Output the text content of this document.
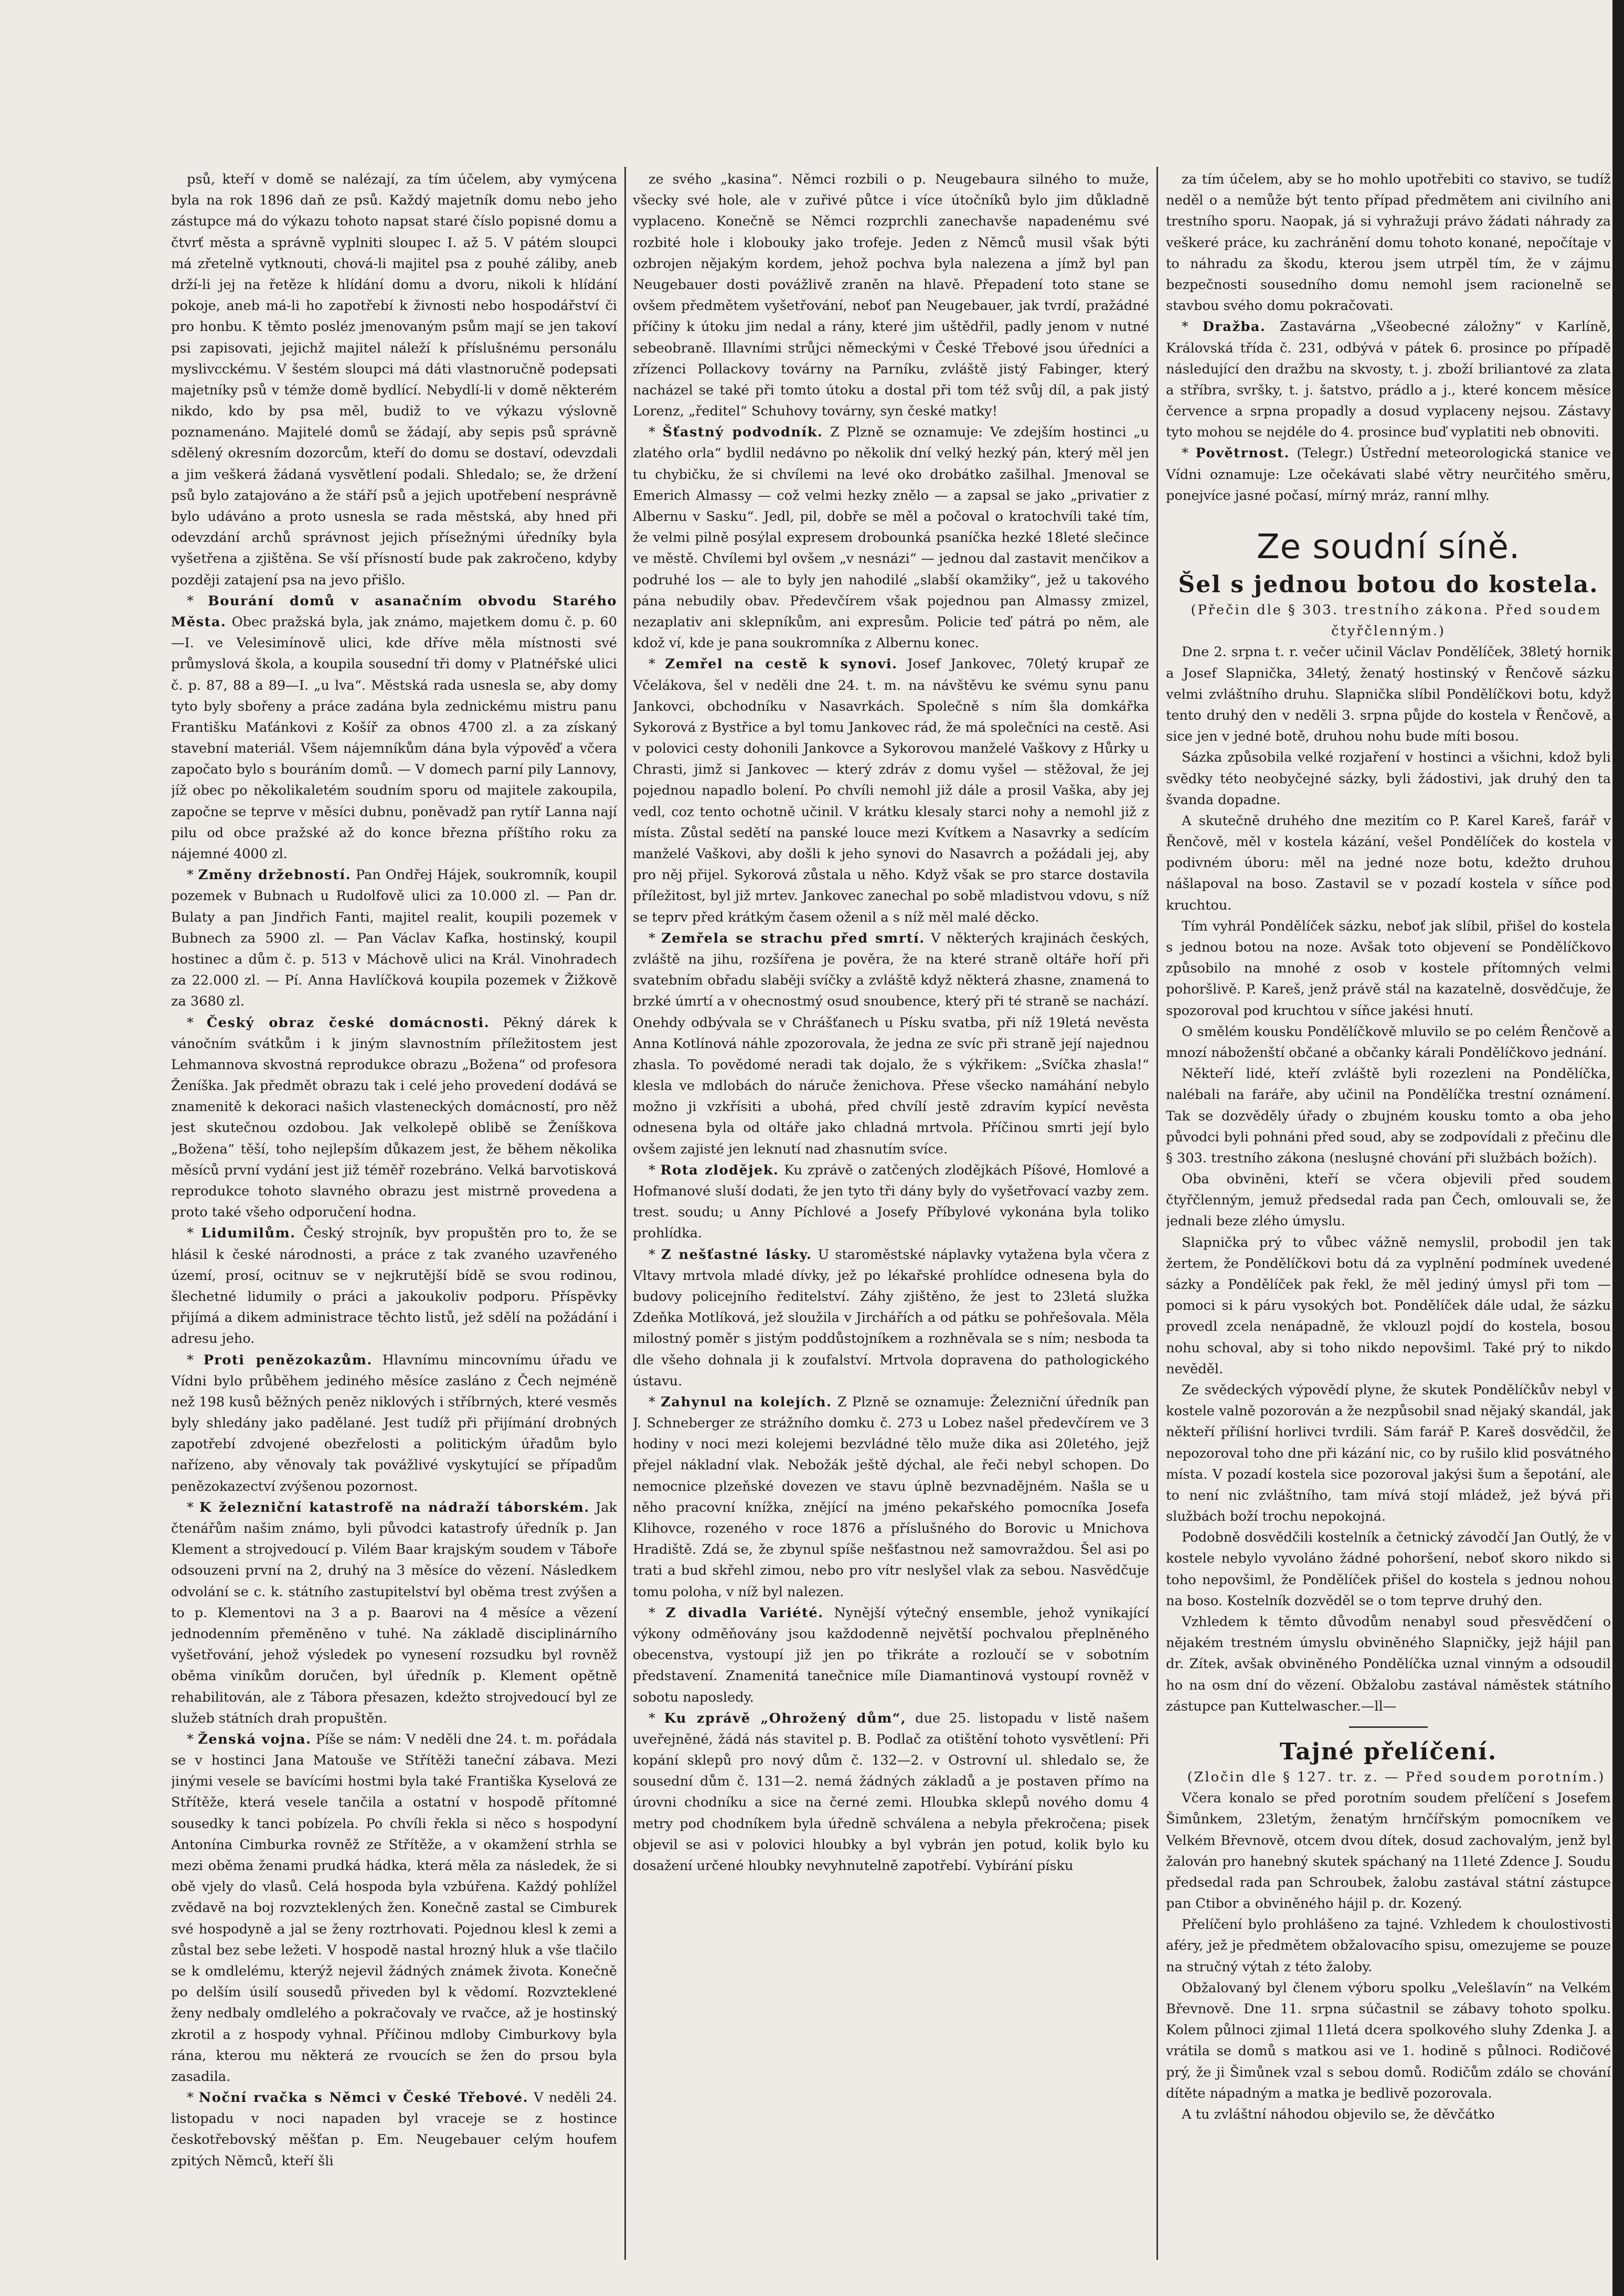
psů, kteří v domě se nalézají, za tím účelem, aby vymýcena byla na rok 1896 daň ze psů. Každý majetník domu nebo jeho zástupce má do výkazu tohoto napsat staré číslo popisné domu a čtvrť města a správně vyplniti sloupec I. až 5. V pátém sloupci má zřetelně vytknouti, chová-li majitel psa z pouhé záliby, aneb drží-li jej na řetěze k hlídání domu a dvoru, nikoli k hlídání pokoje, aneb má-li ho zapotřebí k živnosti nebo hospodářství či pro honbu. K těmto posléz jmenovaným psům mají se jen takoví psi zapisovati, jejichž majitel náleží k příslušnému personálu myslivcckému. V šestém sloupci má dáti vlastnoručně podepsati majetníky psů v témže domě bydlící. Nebydlí-li v domě některém nikdo, kdo by psa měl, budiž to ve výkazu výslovně poznamenáno. Majitelé domů se žádají, aby sepis psů správně sdělený okresním dozorcům, kteří do domu se dostaví, odevzdali a jim veškerá žádaná vysvětlení podali. Shledalo; se, že držení psů bylo zatajováno a že stáří psů a jejich upotřebení nesprávně bylo udáváno a proto usnesla se rada městská, aby hned při odevzdání archů správnost jejich přísežnými úředníky byla vyšetřena a zjištěna. Se vší přísností bude pak zakročeno, kdyby později zatajení psa na jevo přišlo.

* Bourání domů v asanačním obvodu Starého Města. Obec pražská byla, jak známo, majetkem domu č. p. 60—I. ve Velesimínově ulici, kde dříve měla místnosti své průmyslová škola, a koupila sousední tři domy v Platnéřské ulici č. p. 87, 88 a 89—I. „u lva“. Městská rada usnesla se, aby domy tyto byly sbořeny a práce zadána byla zednickému mistru panu Františku Maťánkovi z Košíř za obnos 4700 zl. a za získaný stavební materiál. Všem nájemníkům dána byla výpověď a včera započato bylo s bouráním domů. — V domech parní pily Lannovy, jíž obec po několikaletém soudním sporu od majitele zakoupila, započne se teprve v měsíci dubnu, poněvadž pan rytíř Lanna nají pilu od obce pražské až do konce března příštího roku za nájemné 4000 zl.

* Změny držebností. Pan Ondřej Hájek, soukromník, koupil pozemek v Bubnach u Rudolfově ulici za 10.000 zl. — Pan dr. Bulaty a pan Jindřich Fanti, majitel realit, koupili pozemek v Bubnech za 5900 zl. — Pan Václav Kafka, hostinský, koupil hostinec a dům č. p. 513 v Máchově ulici na Král. Vinohradech za 22.000 zl. — Pí. Anna Havlíčková koupila pozemek v Žižkově za 3680 zl.

* Český obraz české domácnosti. Pěkný dárek k vánočním svátkům i k jiným slavnostním příležitostem jest Lehmannova skvostná reprodukce obrazu „Božena“ od profesora Ženíška. Jak předmět obrazu tak i celé jeho provedení dodává se znamenitě k dekoraci našich vlasteneckých domácností, pro něž jest skutečnou ozdobou. Jak velkolepě oblibě se Ženíškova „Božena“ těší, toho nejlepším důkazem jest, že během několika měsíců první vydání jest již téměř rozebráno. Velká barvotisková reprodukce tohoto slavného obrazu jest mistrně provedena a proto také všeho odporučení hodna.

* Lidumilům. Český strojník, byv propuštěn pro to, že se hlásil k české národnosti, a práce z tak zvaného uzavřeného území, prosí, ocitnuv se v nejkrutější bídě se svou rodinou, šlechetné lidumily o práci a jakoukoliv podporu. Příspěvky přijímá a dikem administrace těchto listů, jež sdělí na požádání i adresu jeho.

* Proti penězokazům. Hlavnímu mincovnímu úřadu ve Vídni bylo průběhem jediného měsíce zasláno z Čech nejméně než 198 kusů běžných peněz niklových i stříbrných, které vesměs byly shledány jako padělané. Jest tudíž při přijímání drobných zapotřebí zdvojené obezřelosti a politickým úřadům bylo nařízeno, aby věnovaly tak povážlivé vyskytující se případům penězokazectví zvýšenou pozornost.

* K železniční katastrofě na nádraží táborském. Jak čtenářům našim známo, byli původci katastrofy úředník p. Jan Klement a strojvedoucí p. Vilém Baar krajským soudem v Táboře odsouzeni první na 2, druhý na 3 měsíce do vězení. Následkem odvolání se c. k. státního zastupitelství byl oběma trest zvýšen a to p. Klementovi na 3 a p. Baarovi na 4 měsíce a vězení jednodenním přeměněno v tuhé. Na základě disciplinárního vyšetřování, jehož výsledek po vynesení rozsudku byl rovněž oběma viníkům doručen, byl úředník p. Klement opětně rehabilitován, ale z Tábora přesazen, kdežto strojvedoucí byl ze služeb státních drah propuštěn.

* Ženská vojna. Píše se nám: V neděli dne 24. t. m. pořádala se v hostinci Jana Matouše ve Střítěži taneční zábava. Mezi jinými vesele se bavícími hostmi byla také Františka Kyselová ze Střítěže, která vesele tančila a ostatní v hospodě přítomné sousedky k tanci pobízela. Po chvíli řekla si něco s hospodyní Antonína Cimburka rovněž ze Střítěže, a v okamžení strhla se mezi oběma ženami prudká hádka, která měla za následek, že si obě vjely do vlasů. Celá hospoda byla vzbúřena. Každý pohlížel zvědavě na boj rozvzteklených žen. Konečně zastal se Cimburek své hospodyně a jal se ženy roztrhovati. Pojednou klesl k zemi a zůstal bez sebe ležeti. V hospodě nastal hrozný hluk a vše tlačilo se k omdlelému, kterýž nejevil žádných známek života. Konečně po delším úsilí sousedů přiveden byl k vědomí. Rozvzteklené ženy nedbaly omdlelého a pokračovaly ve rvačce, až je hostinský zkrotil a z hospody vyhnal. Příčinou mdloby Cimburkovy byla rána, kterou mu některá ze rvoucích se žen do prsou byla zasadila.

* Noční rvačka s Němci v České Třebové. V neděli 24. listopadu v noci napaden byl vraceje se z hostince českotřebovský měšťan p. Em. Neugebauer celým houfem zpitých Němců, kteří šli

ze svého „kasina“. Němci rozbili o p. Neugebaura silného to muže, všecky své hole, ale v zuřivé půtce i více útočníků bylo jim důkladně vyplaceno. Konečně se Němci rozprchli zanechavše napadenému své rozbité hole i klobouky jako trofeje. Jeden z Němců musil však býti ozbrojen nějakým kordem, jehož pochva byla nalezena a jímž byl pan Neugebauer dosti povážlivě zraněn na hlavě. Přepadení toto stane se ovšem předmětem vyšetřování, neboť pan Neugebauer, jak tvrdí, pražádné příčiny k útoku jim nedal a rány, které jim uštědřil, padly jenom v nutné sebeobraně. Illavními strůjci německými v České Třebové jsou úředníci a zřízenci Pollackovy továrny na Parníku, zvláště jistý Fabinger, který nacházel se také při tomto útoku a dostal při tom též svůj díl, a pak jistý Lorenz, „ředitel“ Schuhovy továrny, syn české matky!

* Šťastný podvodník. Z Plzně se oznamuje: Ve zdejším hostinci „u zlatého orla“ bydlil nedávno po několik dní velký hezký pán, který měl jen tu chybičku, že si chvílemi na levé oko drobátko zašilhal. Jmenoval se Emerich Almassy — což velmi hezky znělo — a zapsal se jako „privatier z Albernu v Sasku“. Jedl, pil, dobře se měl a počoval o kratochvíli také tím, že velmi pilně posýlal expresem drobounká psaníčka hezké 18leté slečince ve městě. Chvílemi byl ovšem „v nesnázi“ — jednou dal zastavit menčikov a podruhé los — ale to byly jen nahodilé „slabší okamžiky“, jež u takového pána nebudily obav. Předevčírem však pojednou pan Almassy zmizel, nezaplativ ani sklepníkům, ani expresům. Policie teď pátrá po něm, ale kdož ví, kde je pana soukromníka z Albernu konec.

* Zemřel na cestě k synovi. Josef Jankovec, 70letý krupař ze Včelákova, šel v neděli dne 24. t. m. na návštěvu ke svému synu panu Jankovci, obchodníku v Nasavrkách. Společně s ním šla domkářka Sykorová z Bystřice a byl tomu Jankovec rád, že má společníci na cestě. Asi v polovici cesty dohonili Jankovce a Sykorovou manželé Vaškovy z Hůrky u Chrasti, jimž si Jankovec — který zdráv z domu vyšel — stěžoval, že jej pojednou napadlo bolení. Po chvíli nemohl již dále a prosil Vaška, aby jej vedl, coz tento ochotně učinil. V krátku klesaly starci nohy a nemohl již z místa. Zůstal sedětí na panské louce mezi Kvítkem a Nasavrky a sedícím manželé Vaškovi, aby došli k jeho synovi do Nasavrch a požádali jej, aby pro něj přijel. Sykorová zůstala u něho. Když však se pro starce dostavila příležitost, byl již mrtev. Jankovec zanechal po sobě mladistvou vdovu, s níž se teprv před krátkým časem oženil a s níž měl malé děcko.

* Zemřela se strachu před smrtí. V některých krajinách českých, zvláště na jihu, rozšířena je pověra, že na které straně oltáře hoří při svatebním obřadu slaběji svíčky a zvláště když některá zhasne, znamená to brzké úmrtí a v ohecnostmý osud snoubence, který při té straně se nachází. Onehdy odbývala se v Chrášťanech u Písku svatba, při níž 19letá nevěsta Anna Kotlínová náhle zpozorovala, že jedna ze svíc při straně její najednou zhasla. To povědomé neradi tak dojalo, že s výkřikem: „Svíčka zhasla!“ klesla ve mdlobách do náruče ženichova. Přese všecko namáhání nebylo možno ji vzkřísiti a ubohá, před chvílí jestě zdravím kypící nevěsta odnesena byla od oltáře jako chladná mrtvola. Příčinou smrti její bylo ovšem zajisté jen leknutí nad zhasnutím svíce.

* Rota zlodějek. Ku zprávě o zatčených zlodějkách Píšové, Homlové a Hofmanové sluší dodati, že jen tyto tři dány byly do vyšetřovací vazby zem. trest. soudu; u Anny Píchlové a Josefy Příbylové vykonána byla toliko prohlídka.

* Z nešťastné lásky. U staroměstské náplavky vytažena byla včera z Vltavy mrtvola mladé dívky, jež po lékařské prohlídce odnesena byla do budovy policejního ředitelství. Záhy zjištěno, že jest to 23letá služka Zdeňka Motlíková, jež sloužila v Jirchářích a od pátku se pohřešovala. Měla milostný poměr s jistým poddůstojníkem a rozhněvala se s ním; nesboda ta dle všeho dohnala ji k zoufalství. Mrtvola dopravena do pathologického ústavu.

* Zahynul na kolejích. Z Plzně se oznamuje: Železniční úředník pan J. Schneberger ze strážního domku č. 273 u Lobez našel předevčírem ve 3 hodiny v noci mezi kolejemi bezvládné tělo muže dika asi 20letého, jejž přejel nákladní vlak. Nebožák ještě dýchal, ale řeči nebyl schopen. Do nemocnice plzeňské dovezen ve stavu úplně bezvnadějném. Našla se u něho pracovní knížka, znějící na jméno pekařského pomocníka Josefa Klihovce, rozeného v roce 1876 a příslušného do Borovic u Mnichova Hradiště. Zdá se, že zbynul spíše nešťastnou než samovraždou. Šel asi po trati a bud skřehl zimou, nebo pro vítr neslyšel vlak za sebou. Nasvědčuje tomu poloha, v níž byl nalezen.

* Z divadla Variété. Nynější výtečný ensemble, jehož vynikající výkony odměňovány jsou každodenně největší pochvalou přeplněného obecenstva, vystoupí již jen po třikráte a rozloučí se v sobotním představení. Znamenitá tanečnice míle Diamantinová vystoupí rovněž v sobotu naposledy.

* Ku zprávě „Ohrožený dům“, due 25. listopadu v listě našem uveřejněné, žádá nás stavitel p. B. Podlač za otištění tohoto vysvětlení: Při kopání sklepů pro nový dům č. 132—2. v Ostrovní ul. shledalo se, že sousední dům č. 131—2. nemá žádných základů a je postaven přímo na úrovni chodníku a sice na černé zemi. Hloubka sklepů nového domu 4 metry pod chodníkem byla úředně schválena a nebyla překročena; pisek objevil se asi v polovici hloubky a byl vybrán jen potud, kolik bylo ku dosažení určené hloubky nevyhnutelně zapotřebí. Vybírání písku

za tím účelem, aby se ho mohlo upotřebiti co stavivo, se tudíž neděl o a nemůže být tento případ předmětem ani civilního ani trestního sporu. Naopak, já si vyhražuji právo žádati náhrady za veškeré práce, ku zachránění domu tohoto konané, nepočítaje v to náhradu za škodu, kterou jsem utrpěl tím, že v zájmu bezpečnosti sousedního domu nemohl jsem racionelně se stavbou svého domu pokračovati.

* Dražba. Zastavárna „Všeobecné záložny“ v Karlíně, Královská třída č. 231, odbývá v pátek 6. prosince po případě následující den dražbu na skvosty, t. j. zboží briliantové za zlata a stříbra, svršky, t. j. šatstvo, prádlo a j., které koncem měsíce července a srpna propadly a dosud vyplaceny nejsou. Zástavy tyto mohou se nejdéle do 4. prosince buď vyplatiti neb obnoviti.

* Povětrnost. (Telegr.) Ústřední meteorologická stanice ve Vídni oznamuje: Lze očekávati slabé větry neurčitého směru, ponejvíce jasné počasí, mírný mráz, ranní mlhy.

Ze soudní síně.
Šel s jednou botou do kostela.

(Přečin dle § 303. trestního zákona. Před soudem čtyřčlenným.)

Dne 2. srpna t. r. večer učinil Václav Pondělíček, 38letý hornik a Josef Slapnička, 34letý, ženatý hostinský v Řenčově sázku velmi zvláštního druhu. Slapnička slíbil Pondělíčkovi botu, když tento druhý den v neděli 3. srpna půjde do kostela v Řenčově, a sice jen v jedné botě, druhou nohu bude míti bosou.

Sázka způsobila velké rozjaření v hostinci a všichni, kdož byli svědky této neobyčejné sázky, byli žádostivi, jak druhý den ta švanda dopadne.

A skutečně druhého dne mezitím co P. Karel Kareš, farář v Řenčově, měl v kostela kázání, vešel Pondělíček do kostela v podivném úboru: měl na jedné noze botu, kdežto druhou nášlapoval na boso. Zastavil se v pozadí kostela v síňce pod kruchtou.

Tím vyhrál Pondělíček sázku, neboť jak slíbil, přišel do kostela s jednou botou na noze. Avšak toto objevení se Pondělíčkovo způsobilo na mnohé z osob v kostele přítomných velmi pohoršlivě. P. Kareš, jenž právě stál na kazatelně, dosvědčuje, že spozoroval pod kruchtou v síňce jakési hnutí.

O smělém kousku Pondělíčkově mluvilo se po celém Řenčově a mnozí náboženští občané a občanky kárali Pondělíčkovo jednání.

Někteří lidé, kteří zvláště byli rozezleni na Pondělíčka, nalébali na faráře, aby učinil na Pondělíčka trestní oznámení. Tak se dozvěděly úřady o zbujném kousku tomto a oba jeho původci byli pohnáni před soud, aby se zodpovídali z přečinu dle § 303. trestního zákona (nesluşné chování při službách božích).

Oba obviněni, kteří se včera objevili před soudem čtyřčlenným, jemuž předsedal rada pan Čech, omlouvali se, že jednali beze zlého úmyslu.

Slapnička prý to vůbec vážně nemyslil, probodil jen tak žertem, že Pondělíčkovi botu dá za vyplnění podmínek uvedené sázky a Pondělíček pak řekl, že měl jediný úmysl při tom — pomoci si k páru vysokých bot. Pondělíček dále udal, že sázku provedl zcela nenápadně, že vklouzl pojdí do kostela, bosou nohu schoval, aby si toho nikdo nepovšiml. Také prý to nikdo nevěděl.

Ze svědeckých výpovědí plyne, že skutek Pondělíčkův nebyl v kostele valně pozorován a že nezpůsobil snad nějaký skandál, jak někteří příliśní horlivci tvrdili. Sám farář P. Kareš dosvědčil, že nepozoroval toho dne při kázání nic, co by rušilo klid posvátného místa. V pozadí kostela sice pozoroval jakýsi šum a šepotání, ale to není nic zvláštního, tam mívá stojí mládež, jež bývá při službách boží trochu nepokojná.

Podobně dosvědčili kostelník a četnický závodčí Jan Outlý, že v kostele nebylo vyvoláno žádné pohoršení, neboť skoro nikdo si toho nepovšiml, že Pondělíček přišel do kostela s jednou nohou na boso. Kostelník dozvěděl se o tom teprve druhý den.

Vzhledem k těmto důvodům nenabyl soud přesvědčení o nějakém trestném úmyslu obviněného Slapničky, jejž hájil pan dr. Zítek, avšak obviněného Pondělíčka uznal vinným a odsoudil ho na osm dní do vězení. Obžalobu zastával náměstek státního zástupce pan Kuttelwascher.—ll—

Tajné přelíčení.

(Zločin dle § 127. tr. z. — Před soudem porotním.)

Včera konalo se před porotním soudem přelíčení s Josefem Šimůnkem, 23letým, ženatým hrnčířským pomocníkem ve Velkém Břevnově, otcem dvou dítek, dosud zachovalým, jenž byl žalován pro hanebný skutek spáchaný na 11leté Zdence J. Soudu předsedal rada pan Schroubek, žalobu zastával státní zástupce pan Ctibor a obviněného hájil p. dr. Kozený.

Přelíčení bylo prohlášeno za tajné. Vzhledem k choulostivosti aféry, jež je předmětem obžalovacího spisu, omezujeme se pouze na stručný výtah z této žaloby.

Obžalovaný byl členem výboru spolku „Velešlavín“ na Velkém Břevnově. Dne 11. srpna súčastnil se zábavy tohoto spolku. Kolem půlnoci zjimal 11letá dcera spolkového sluhy Zdenka J. a vrátila se domů s matkou asi ve 1. hodině s půlnoci. Rodičové prý, že ji Šimůnek vzal s sebou domů. Rodičům zdálo se chování dítěte nápadným a matka je bedlivě pozorovala.

A tu zvláštní náhodou objevilo se, že děvčátko
